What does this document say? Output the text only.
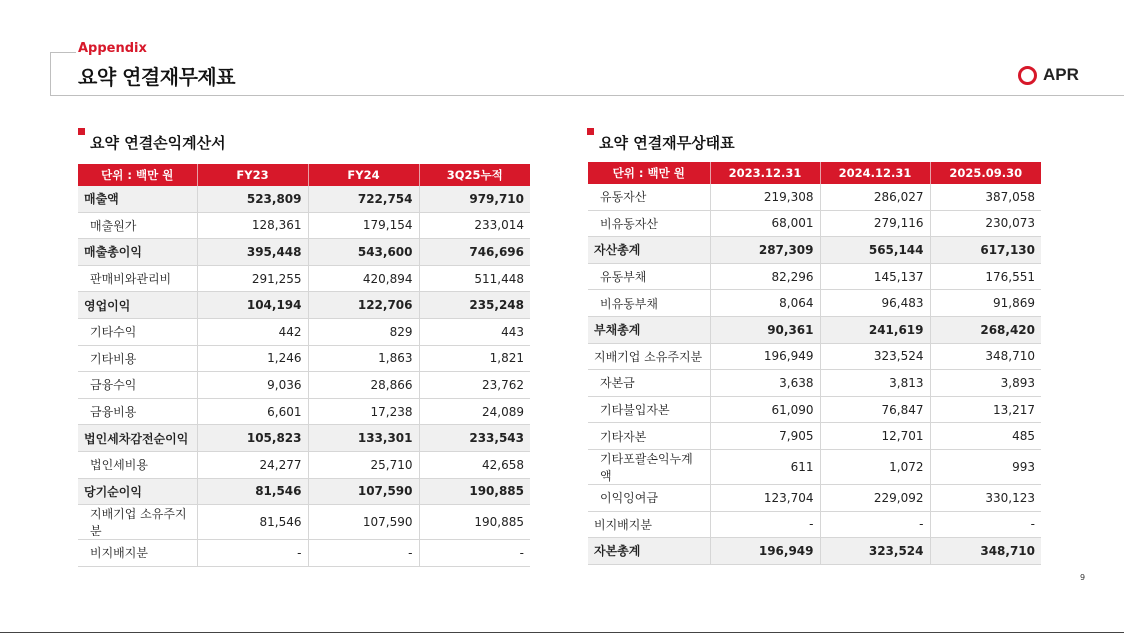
Appendix
요약 연결재무제표	APR
요약 연결손익계산서
단위 : 백만 원	FY23	FY24	3Q25누적
매출액	523,809	722,754	979,710
매출원가	128,361	179,154	233,014
매출총이익	395,448	543,600	746,696
판매비와관리비	291,255	420,894	511,448
영업이익	104,194	122,706	235,248
기타수익	442	829	443
기타비용	1,246	1,863	1,821
금융수익	9,036	28,866	23,762
금융비용	6,601	17,238	24,089
법인세차감전순이익	105,823	133,301	233,543
법인세비용	24,277	25,710	42,658
당기순이익	81,546	107,590	190,885
지배기업 소유주지분	81,546	107,590	190,885
비지배지분	-	-	-
요약 연결재무상태표
단위 : 백만 원	2023.12.31	2024.12.31	2025.09.30
유동자산	219,308	286,027	387,058
비유동자산	68,001	279,116	230,073
자산총계	287,309	565,144	617,130
유동부채	82,296	145,137	176,551
비유동부채	8,064	96,483	91,869
부채총계	90,361	241,619	268,420
지배기업 소유주지분	196,949	323,524	348,710
자본금	3,638	3,813	3,893
기타불입자본	61,090	76,847	13,217
기타자본	7,905	12,701	485
기타포괄손익누계액	611	1,072	993
이익잉여금	123,704	229,092	330,123
비지배지분	-	-	-
자본총계	196,949	323,524	348,710
9
